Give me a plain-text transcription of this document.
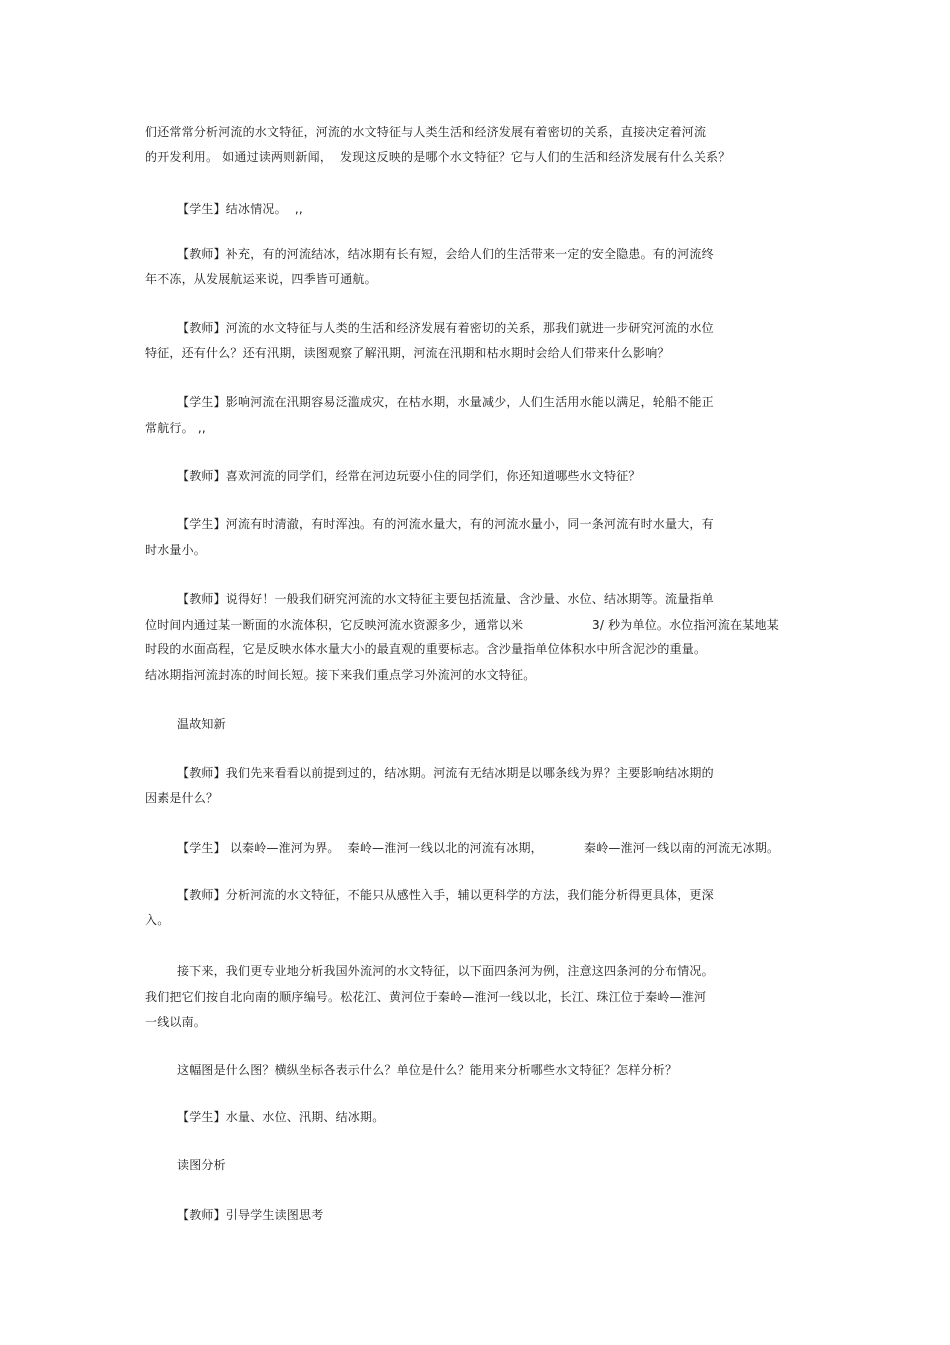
们还常常分析河流的水文特征，河流的水文特征与人类生活和经济发展有着密切的关系，直接决定着河流
的开发利用。 如通过读两则新闻，  发现这反映的是哪个水文特征？它与人们的生活和经济发展有什么关系？
【学生】结冰情况。  ,,
【教师】补充，有的河流结冰，结冰期有长有短，会给人们的生活带来一定的安全隐患。有的河流终
年不冻，从发展航运来说，四季皆可通航。
【教师】河流的水文特征与人类的生活和经济发展有着密切的关系，那我们就进一步研究河流的水位
特征，还有什么？还有汛期，读图观察了解汛期，河流在汛期和枯水期时会给人们带来什么影响？
【学生】影响河流在汛期容易泛滥成灾，在枯水期，水量减少，人们生活用水能以满足，轮船不能正
常航行。 ,,
【教师】喜欢河流的同学们，经常在河边玩耍小住的同学们，你还知道哪些水文特征？
【学生】河流有时清澈，有时浑浊。有的河流水量大，有的河流水量小，同一条河流有时水量大，有
时水量小。
【教师】说得好！一般我们研究河流的水文特征主要包括流量、含沙量、水位、结冰期等。流量指单
位时间内通过某一断面的水流体积，它反映河流水资源多少，通常以米	3/ 秒为单位。水位指河流在某地某
时段的水面高程，它是反映水体水量大小的最直观的重要标志。含沙量指单位体积水中所含泥沙的重量。
结冰期指河流封冻的时间长短。接下来我们重点学习外流河的水文特征。
温故知新
【教师】我们先来看看以前提到过的，结冰期。河流有无结冰期是以哪条线为界？主要影响结冰期的
因素是什么？
【学生】 以秦岭—淮河为界。  秦岭—淮河一线以北的河流有冰期，	秦岭—淮河一线以南的河流无冰期。
【教师】分析河流的水文特征，不能只从感性入手，辅以更科学的方法，我们能分析得更具体，更深
入。
接下来，我们更专业地分析我国外流河的水文特征，以下面四条河为例，注意这四条河的分布情况。
我们把它们按自北向南的顺序编号。松花江、黄河位于秦岭—淮河一线以北，长江、珠江位于秦岭—淮河
一线以南。
这幅图是什么图？横纵坐标各表示什么？单位是什么？能用来分析哪些水文特征？怎样分析？
【学生】水量、水位、汛期、结冰期。
读图分析
【教师】引导学生读图思考
